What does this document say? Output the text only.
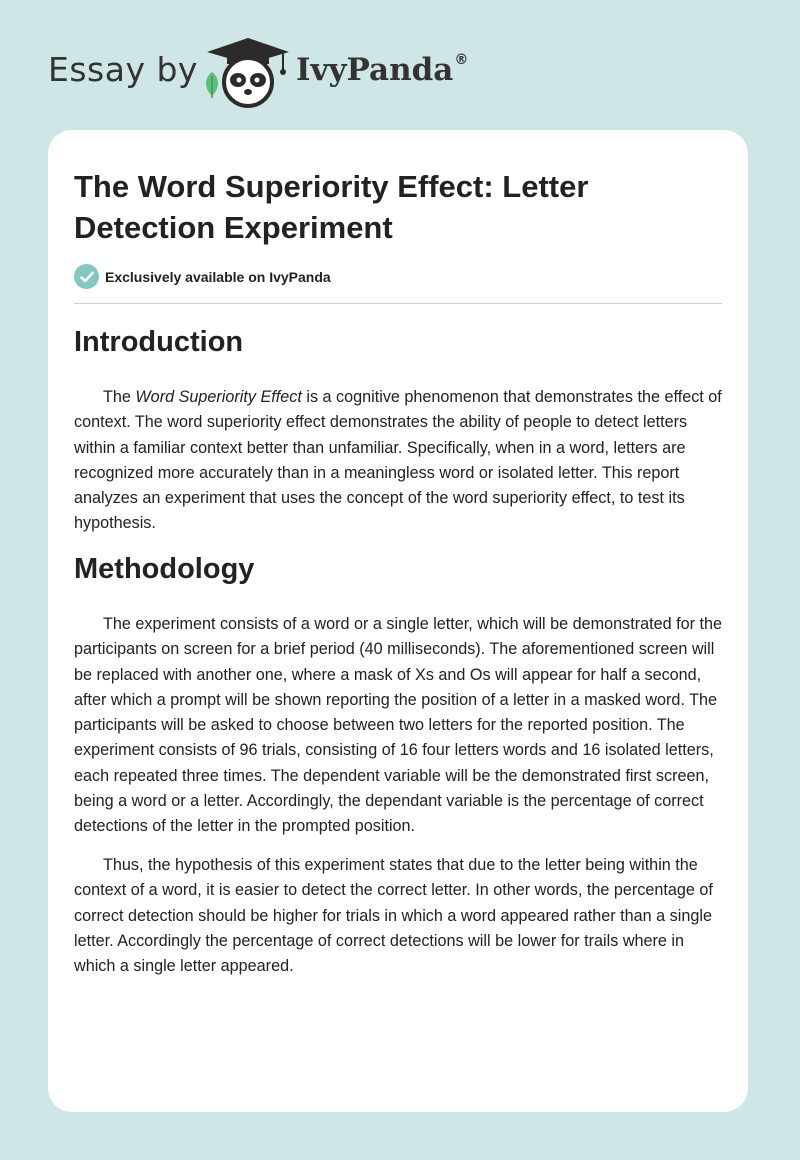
Essay by	IvyPanda®
The Word Superiority Effect: Letter Detection Experiment
Exclusively available on IvyPanda
Introduction

The Word Superiority Effect is a cognitive phenomenon that demonstrates the effect of context. The word superiority effect demonstrates the ability of people to detect letters within a familiar context better than unfamiliar. Specifically, when in a word, letters are recognized more accurately than in a meaningless word or isolated letter. This report analyzes an experiment that uses the concept of the word superiority effect, to test its hypothesis.

Methodology

The experiment consists of a word or a single letter, which will be demonstrated for the participants on screen for a brief period (40 milliseconds). The aforementioned screen will be replaced with another one, where a mask of Xs and Os will appear for half a second, after which a prompt will be shown reporting the position of a letter in a masked word. The participants will be asked to choose between two letters for the reported position. The experiment consists of 96 trials, consisting of 16 four letters words and 16 isolated letters, each repeated three times. The dependent variable will be the demonstrated first screen, being a word or a letter. Accordingly, the dependant variable is the percentage of correct detections of the letter in the prompted position.

Thus, the hypothesis of this experiment states that due to the letter being within the context of a word, it is easier to detect the correct letter. In other words, the percentage of correct detection should be higher for trials in which a word appeared rather than a single letter. Accordingly the percentage of correct detections will be lower for trails where in which a single letter appeared.
